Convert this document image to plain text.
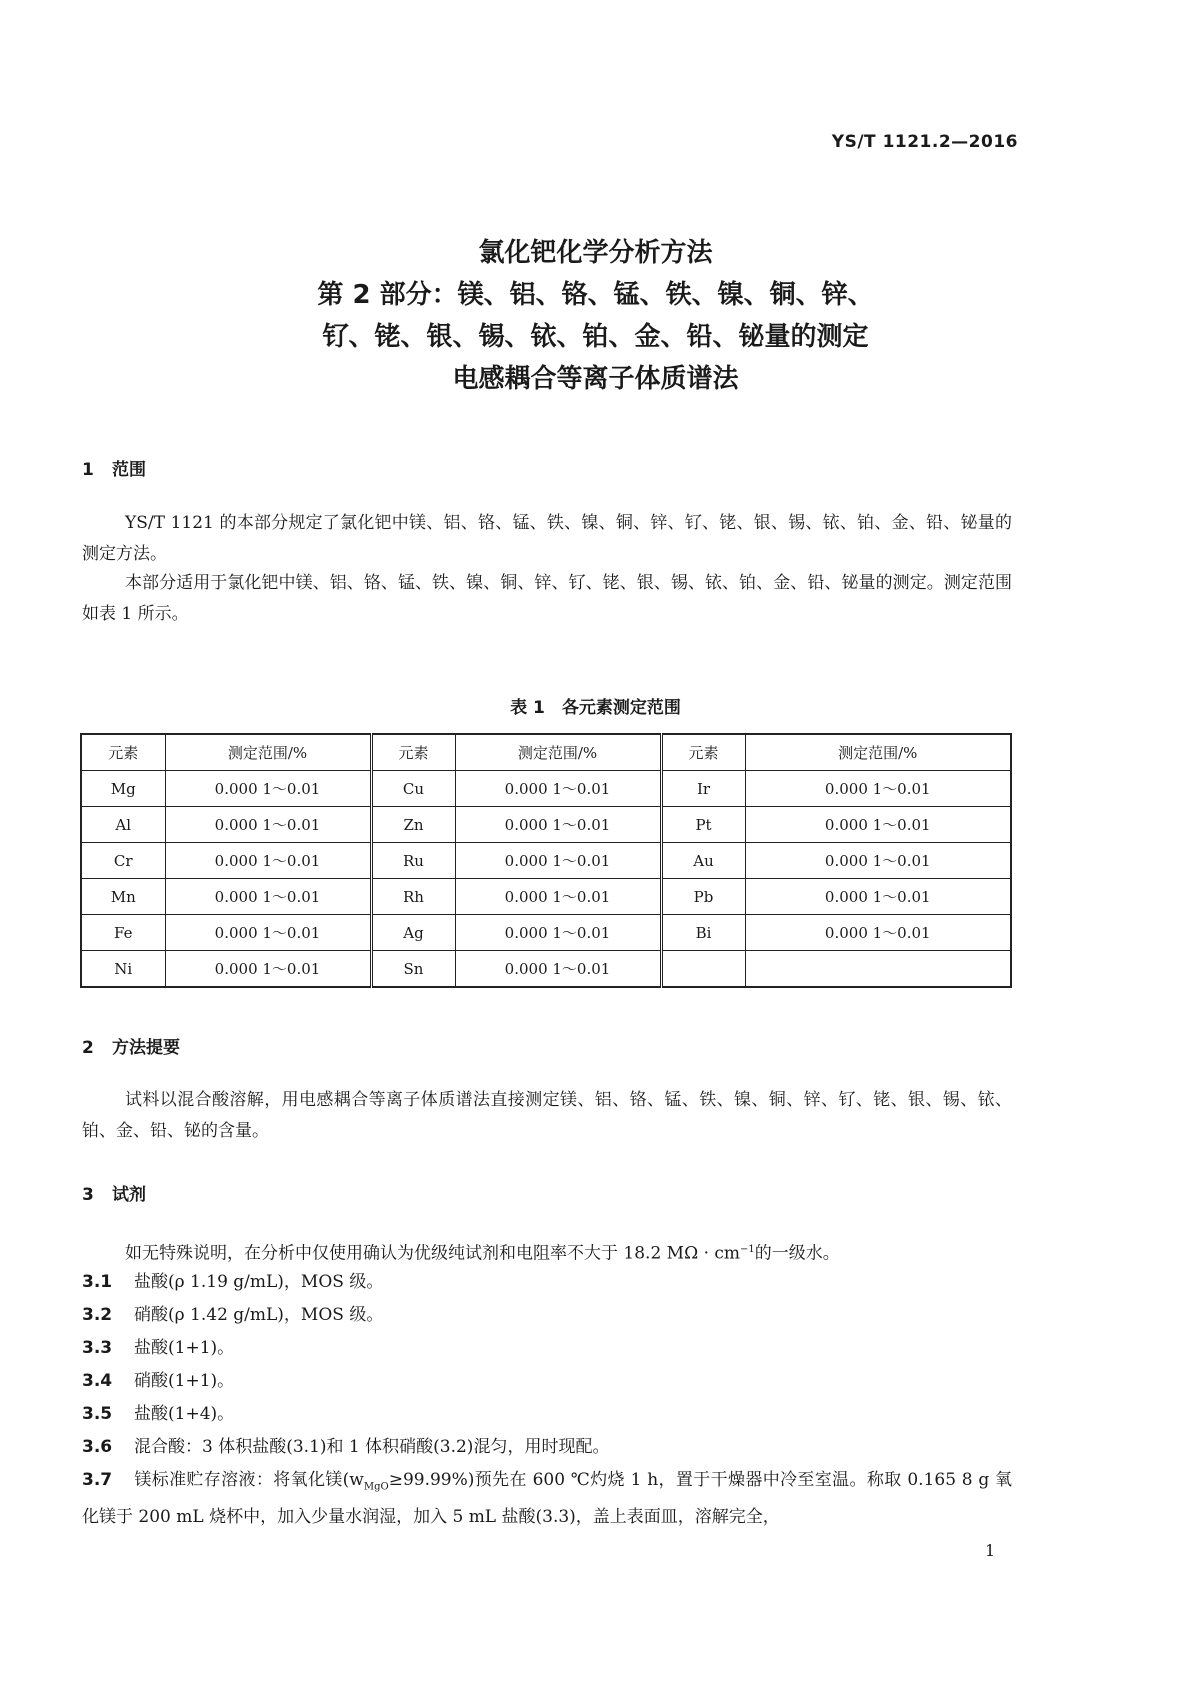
YS/T 1121.2—2016
氯化钯化学分析方法
第 2 部分：镁、铝、铬、锰、铁、镍、铜、锌、
钌、铑、银、锡、铱、铂、金、铅、铋量的测定
电感耦合等离子体质谱法
1 范围
YS/T 1121 的本部分规定了氯化钯中镁、铝、铬、锰、铁、镍、铜、锌、钌、铑、银、锡、铱、铂、金、铅、铋量的测定方法。
本部分适用于氯化钯中镁、铝、铬、锰、铁、镍、铜、锌、钌、铑、银、锡、铱、铂、金、铅、铋量的测定。测定范围如表 1 所示。
表 1　各元素测定范围
元素	测定范围/%	元素	测定范围/%	元素	测定范围/%
Mg	0.000 1～0.01	Cu	0.000 1～0.01	Ir	0.000 1～0.01
Al	0.000 1～0.01	Zn	0.000 1～0.01	Pt	0.000 1～0.01
Cr	0.000 1～0.01	Ru	0.000 1～0.01	Au	0.000 1～0.01
Mn	0.000 1～0.01	Rh	0.000 1～0.01	Pb	0.000 1～0.01
Fe	0.000 1～0.01	Ag	0.000 1～0.01	Bi	0.000 1～0.01
Ni	0.000 1～0.01	Sn	0.000 1～0.01		
2 方法提要
试料以混合酸溶解，用电感耦合等离子体质谱法直接测定镁、铝、铬、锰、铁、镍、铜、锌、钌、铑、银、锡、铱、铂、金、铅、铋的含量。
3 试剂
如无特殊说明，在分析中仅使用确认为优级纯试剂和电阻率不大于 18.2 $M\Omega \cdot cm^{-1}$的一级水。
3.1 盐酸(ρ 1.19 g/mL)，MOS 级。
3.2 硝酸(ρ 1.42 g/mL)，MOS 级。
3.3 盐酸(1+1)。
3.4 硝酸(1+1)。
3.5 盐酸(1+4)。
3.6 混合酸：3 体积盐酸(3.1)和 1 体积硝酸(3.2)混匀，用时现配。
3.7 镁标准贮存溶液：将氧化镁$(w_{MgO}\ge 99.99\%)$预先在 600 ℃灼烧 1 h，置于干燥器中冷至室温。称取 0.165 8 g 氧化镁于 200 mL 烧杯中，加入少量水润湿，加入 5 mL 盐酸(3.3)，盖上表面皿，溶解完全，
1
